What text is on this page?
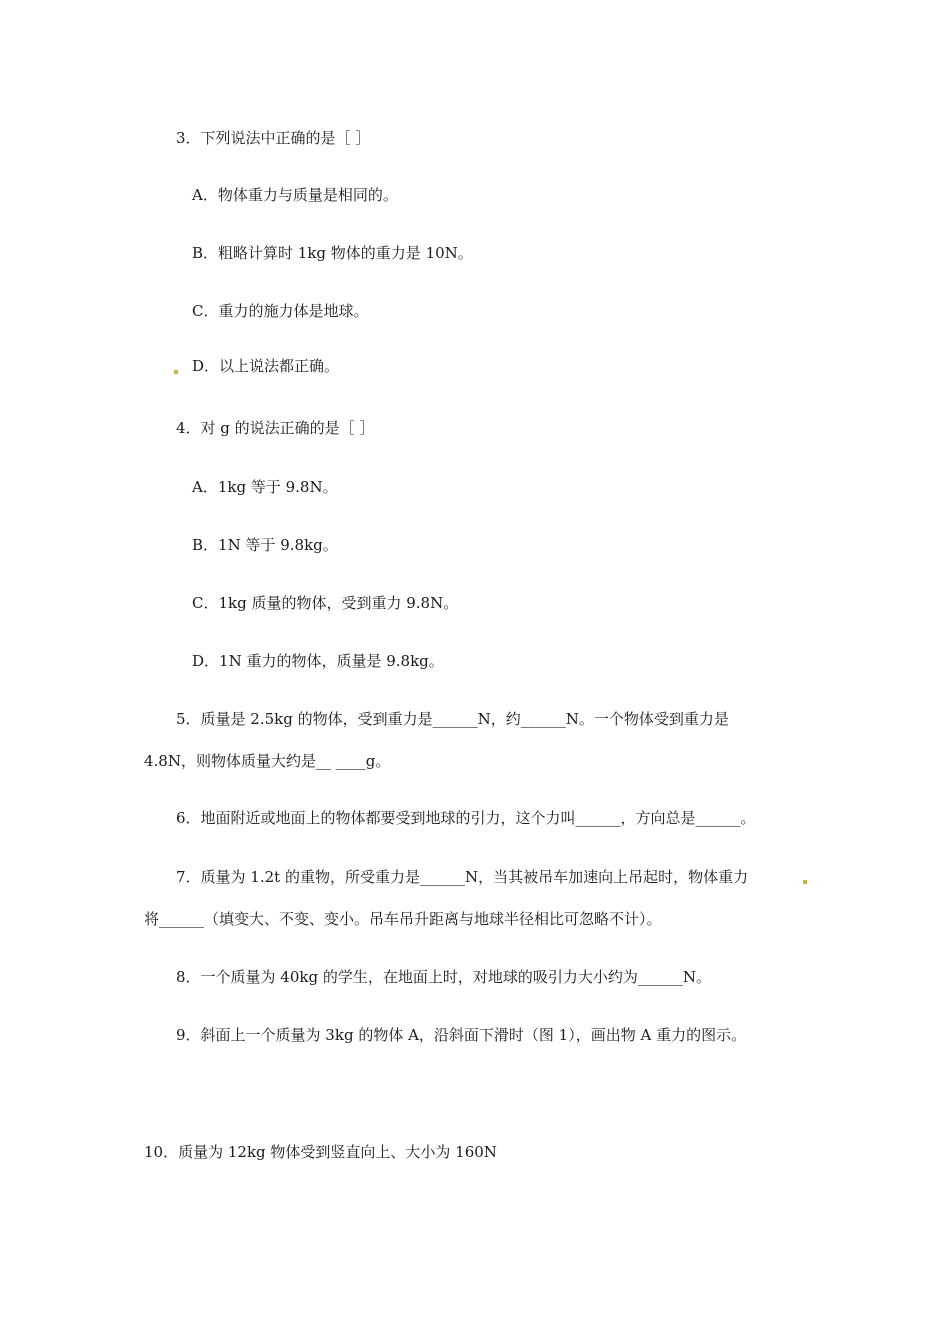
3．下列说法中正确的是［ ］
A．物体重力与质量是相同的。
B．粗略计算时 1kg 物体的重力是 10N。
C．重力的施力体是地球。
D．以上说法都正确。
4．对 g 的说法正确的是［ ］
A．1kg 等于 9.8N。
B．1N 等于 9.8kg。
C．1kg 质量的物体，受到重力 9.8N。
D．1N 重力的物体，质量是 9.8kg。
5．质量是 2.5kg 的物体，受到重力是______N，约______N。一个物体受到重力是
4.8N，则物体质量大约是__ ____g。
6．地面附近或地面上的物体都要受到地球的引力，这个力叫______，方向总是______。
7．质量为 1.2t 的重物，所受重力是______N，当其被吊车加速向上吊起时，物体重力
将______（填变大、不变、变小。吊车吊升距离与地球半径相比可忽略不计）。
8．一个质量为 40kg 的学生，在地面上时，对地球的吸引力大小约为______N。
9．斜面上一个质量为 3kg 的物体 A，沿斜面下滑时（图 1），画出物 A 重力的图示。
10．质量为 12kg 物体受到竖直向上、大小为 160N
